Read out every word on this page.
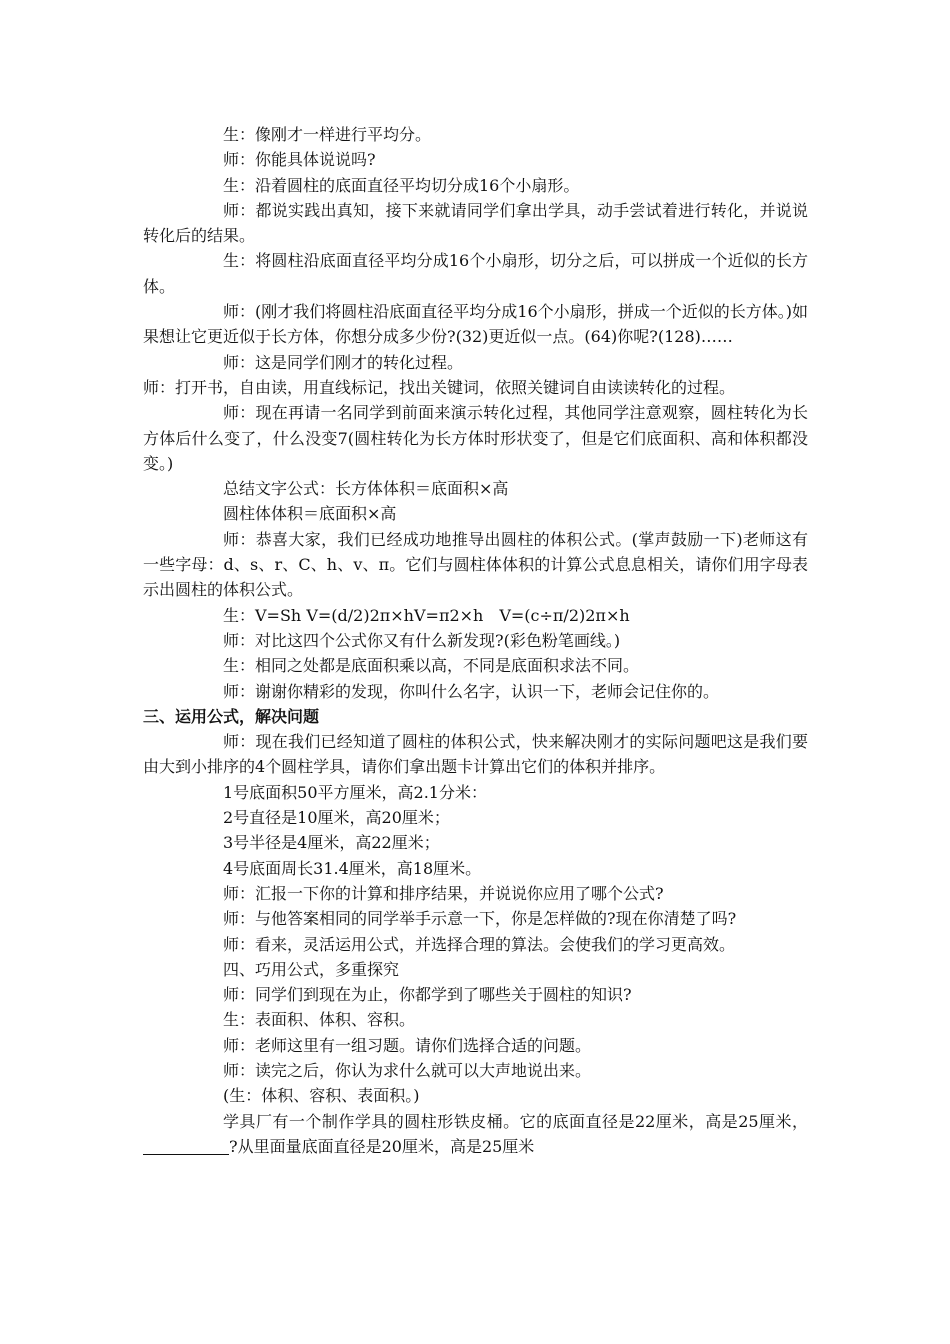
生：像刚才一样进行平均分。

师：你能具体说说吗?

生：沿着圆柱的底面直径平均切分成16个小扇形。

师：都说实践出真知，接下来就请同学们拿出学具，动手尝试着进行转化，并说说转化后的结果。

生：将圆柱沿底面直径平均分成16个小扇形，切分之后，可以拼成一个近似的长方体。

师：(刚才我们将圆柱沿底面直径平均分成16个小扇形，拼成一个近似的长方体。)如果想让它更近似于长方体，你想分成多少份?(32)更近似一点。(64)你呢?(128)……

师：这是同学们刚才的转化过程。

师：打开书，自由读，用直线标记，找出关键词，依照关键词自由读读转化的过程。

师：现在再请一名同学到前面来演示转化过程，其他同学注意观察，圆柱转化为长方体后什么变了，什么没变7(圆柱转化为长方体时形状变了，但是它们底面积、高和体积都没变。)

总结文字公式：长方体体积＝底面积×高

圆柱体体积＝底面积×高

师：恭喜大家，我们已经成功地推导出圆柱的体积公式。(掌声鼓励一下)老师这有一些字母：d、s、r、C、h、v、π。它们与圆柱体体积的计算公式息息相关，请你们用字母表示出圆柱的体积公式。

生：V=Sh V=(d/2)2π×hV=π2×h　V=(c÷π/2)2π×h

师：对比这四个公式你又有什么新发现?(彩色粉笔画线。)

生：相同之处都是底面积乘以高，不同是底面积求法不同。

师：谢谢你精彩的发现，你叫什么名字，认识一下，老师会记住你的。

三、运用公式，解决问题

师：现在我们已经知道了圆柱的体积公式，快来解决刚才的实际问题吧这是我们要由大到小排序的4个圆柱学具，请你们拿出题卡计算出它们的体积并排序。

1号底面积50平方厘米，高2.1分米：

2号直径是10厘米，高20厘米；

3号半径是4厘米，高22厘米；

4号底面周长31.4厘米，高18厘米。

师：汇报一下你的计算和排序结果，并说说你应用了哪个公式?

师：与他答案相同的同学举手示意一下，你是怎样做的?现在你清楚了吗?

师：看来，灵活运用公式，并选择合理的算法。会使我们的学习更高效。

四、巧用公式，多重探究

师：同学们到现在为止，你都学到了哪些关于圆柱的知识?

生：表面积、体积、容积。

师：老师这里有一组习题。请你们选择合适的问题。

师：读完之后，你认为求什么就可以大声地说出来。

(生：体积、容积、表面积。)

学具厂有一个制作学具的圆柱形铁皮桶。它的底面直径是22厘米，高是25厘米，?从里面量底面直径是20厘米，高是25厘米
